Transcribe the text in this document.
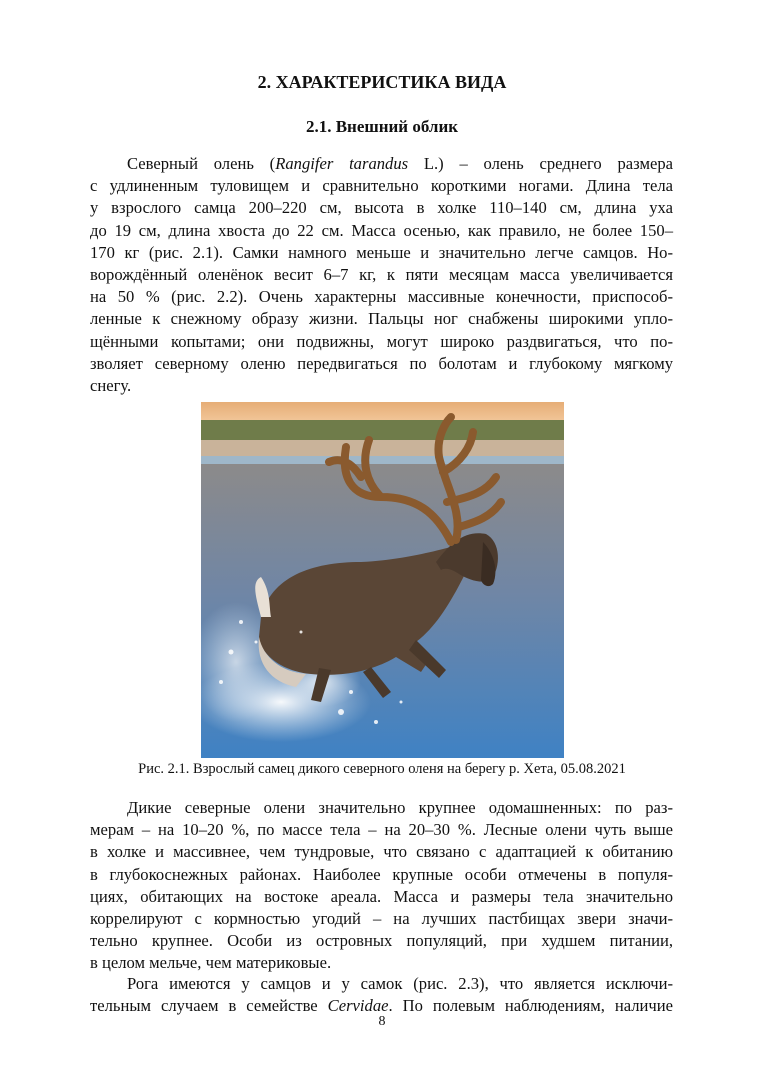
2. ХАРАКТЕРИСТИКА ВИДА
2.1. Внешний облик
Северный олень (Rangifer tarandus L.) – олень среднего размера
с удлиненным туловищем и сравнительно короткими ногами. Длина тела
у взрослого самца 200–220 см, высота в холке 110–140 см, длина уха
до 19 см, длина хвоста до 22 см. Масса осенью, как правило, не более 150–
170 кг (рис. 2.1). Самки намного меньше и значительно легче самцов. Но-
ворождённый оленёнок весит 6–7 кг, к пяти месяцам масса увеличивается
на 50 % (рис. 2.2). Очень характерны массивные конечности, приспособ-
ленные к снежному образу жизни. Пальцы ног снабжены широкими упло-
щёнными копытами; они подвижны, могут широко раздвигаться, что по-
зволяет северному оленю передвигаться по болотам и глубокому мягкому
снегу.

Рис. 2.1. Взрослый самец дикого северного оленя на берегу р. Хета, 05.08.2021

Дикие северные олени значительно крупнее одомашненных: по раз-
мерам – на 10–20 %, по массе тела – на 20–30 %. Лесные олени чуть выше
в холке и массивнее, чем тундровые, что связано с адаптацией к обитанию
в глубокоснежных районах. Наиболее крупные особи отмечены в популя-
циях, обитающих на востоке ареала. Масса и размеры тела значительно
коррелируют с кормностью угодий – на лучших пастбищах звери значи-
тельно крупнее. Особи из островных популяций, при худшем питании,
в целом мельче, чем материковые.
Рога имеются у самцов и у самок (рис. 2.3), что является исключи-
тельным случаем в семействе Cervidae. По полевым наблюдениям, наличие

8
